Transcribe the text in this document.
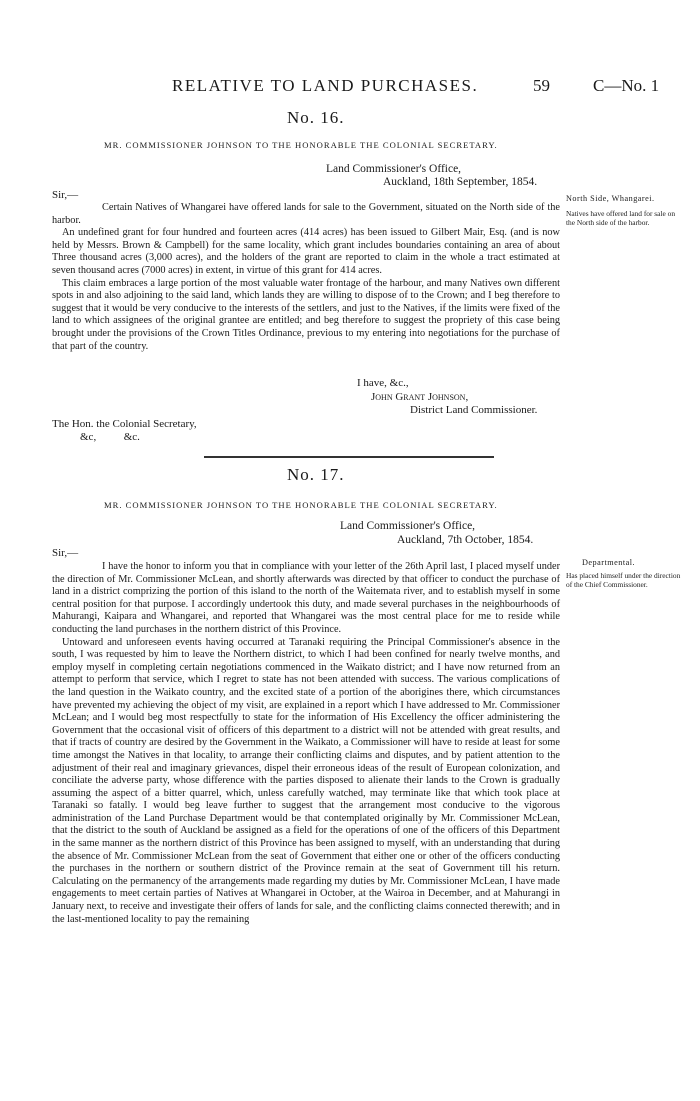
RELATIVE TO LAND PURCHASES.	59	C—No. 1
No. 16.
MR. COMMISSIONER JOHNSON TO THE HONORABLE THE COLONIAL SECRETARY.
Land Commissioner's Office,
Auckland, 18th September, 1854.
Sir,—

Certain Natives of Whangarei have offered lands for sale to the Government, situated on the North side of the harbor.

An undefined grant for four hundred and fourteen acres (414 acres) has been issued to Gilbert Mair, Esq. (and is now held by Messrs. Brown & Campbell) for the same locality, which grant includes boundaries containing an area of about Three thousand acres (3,000 acres), and the holders of the grant are reported to claim in the whole a tract estimated at seven thousand acres (7000 acres) in extent, in virtue of this grant for 414 acres.

This claim embraces a large portion of the most valuable water frontage of the harbour, and many Natives own different spots in and also adjoining to the said land, which lands they are willing to dispose of to the Crown; and I beg therefore to suggest that it would be very conducive to the interests of the settlers, and just to the Natives, if the limits were fixed of the land to which assignees of the original grantee are entitled; and beg therefore to suggest the propriety of this case being brought under the provisions of the Crown Titles Ordinance, previous to my entering into negotiations for the purchase of that part of the country.

North Side, Whangarei.
Natives have offered land for sale on the North side of the harbor.
I have, &c.,
John Grant Johnson,
District Land Commissioner.
The Hon. the Colonial Secretary,
&c,          &c.
No. 17.
MR. COMMISSIONER JOHNSON TO THE HONORABLE THE COLONIAL SECRETARY.
Land Commissioner's Office,
Auckland, 7th October, 1854.
Sir,—

I have the honor to inform you that in compliance with your letter of the 26th April last, I placed myself under the direction of Mr. Commissioner McLean, and shortly afterwards was directed by that officer to conduct the purchase of land in a district comprizing the portion of this island to the north of the Waitemata river, and to establish myself in some central position for that purpose. I accordingly undertook this duty, and made several purchases in the neighbourhoods of Mahurangi, Kaipara and Whangarei, and reported that Whangarei was the most central place for me to reside while conducting the land purchases in the northern district of this Province.

Untoward and unforeseen events having occurred at Taranaki requiring the Principal Commissioner's absence in the south, I was requested by him to leave the Northern district, to which I had been confined for nearly twelve months, and employ myself in completing certain negotiations commenced in the Waikato district; and I have now returned from an attempt to perform that service, which I regret to state has not been attended with success. The various complications of the land question in the Waikato country, and the excited state of a portion of the aborigines there, which circumstances have prevented my achieving the object of my visit, are explained in a report which I have addressed to Mr. Commissioner McLean; and I would beg most respectfully to state for the information of His Excellency the officer administering the Government that the occasional visit of officers of this department to a district will not be attended with great results, and that if tracts of country are desired by the Government in the Waikato, a Commissioner will have to reside at least for some time amongst the Natives in that locality, to arrange their conflicting claims and disputes, and by patient attention to the adjustment of their real and imaginary grievances, dispel their erroneous ideas of the result of European colonization, and conciliate the adverse party, whose difference with the parties disposed to alienate their lands to the Crown is gradually assuming the aspect of a bitter quarrel, which, unless carefully watched, may terminate like that which took place at Taranaki so fatally. I would beg leave further to suggest that the arrangement most conducive to the vigorous administration of the Land Purchase Department would be that contemplated originally by Mr. Commissioner McLean, that the district to the south of Auckland be assigned as a field for the operations of one of the officers of this Department in the same manner as the northern district of this Province has been assigned to myself, with an understanding that during the absence of Mr. Commissioner McLean from the seat of Government that either one or other of the officers conducting the purchases in the northern or southern district of the Province remain at the seat of Government till his return. Calculating on the permanency of the arrangements made regarding my duties by Mr. Commissioner McLean, I have made engagements to meet certain parties of Natives at Whangarei in October, at the Wairoa in December, and at Mahurangi in January next, to receive and investigate their offers of lands for sale, and the conflicting claims connected therewith; and in the last-mentioned locality to pay the remaining

Departmental.
Has placed himself under the direction of the Chief Commissioner.
